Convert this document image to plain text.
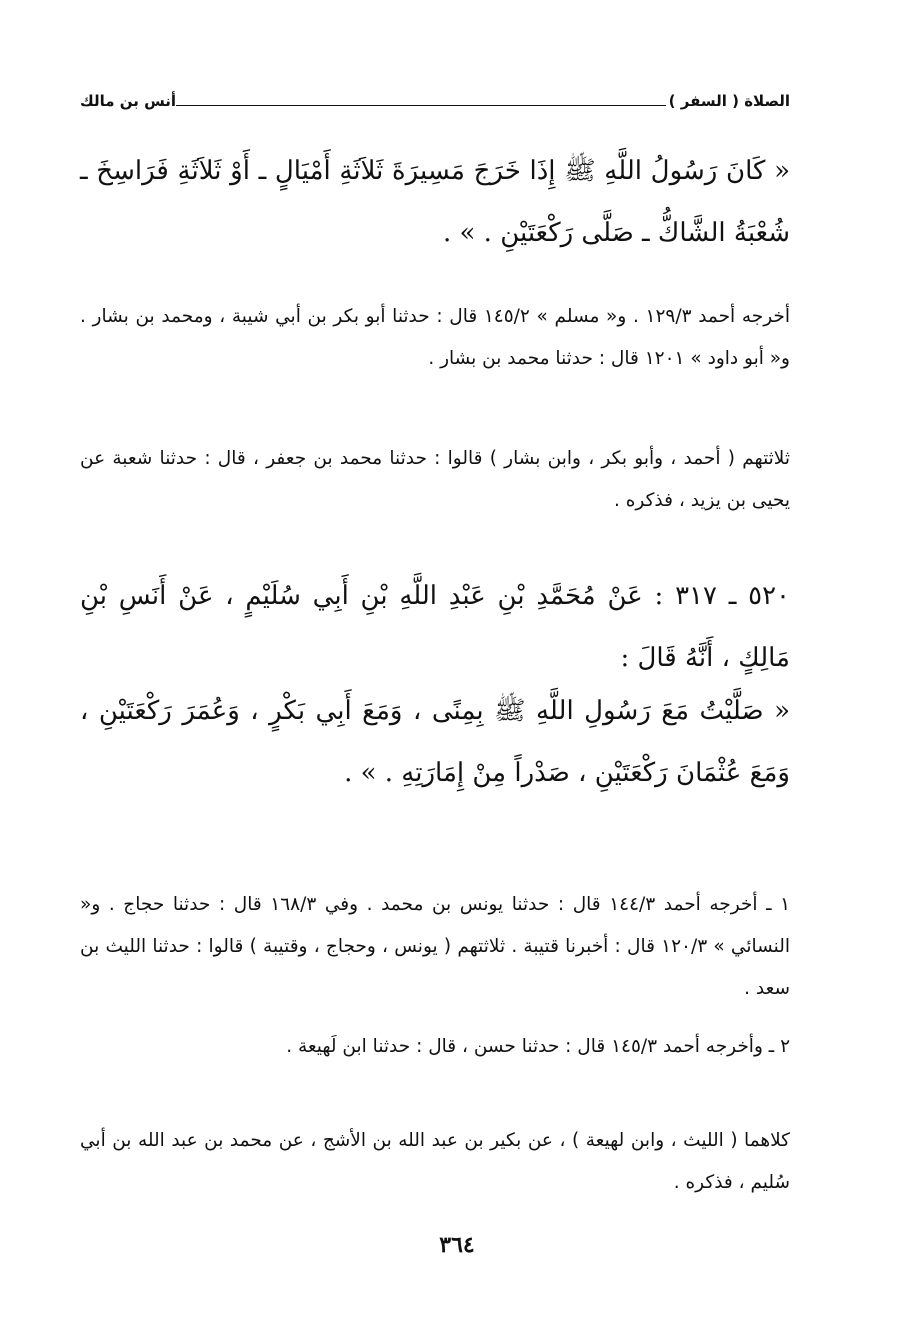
الصلاة ( السفر )
أنس بن مالك
« كَانَ رَسُولُ اللَّهِ ﷺ إِذَا خَرَجَ مَسِيرَةَ ثَلاَثَةِ أَمْيَالٍ ـ أَوْ ثَلاَثَةِ فَرَاسِخَ ـ شُعْبَةُ الشَّاكُّ ـ صَلَّى رَكْعَتَيْنِ . » .
أخرجه أحمد ١٢٩/٣ . و« مسلم » ١٤٥/٢ قال : حدثنا أبو بكر بن أبي شيبة ، ومحمد بن بشار . و« أبو داود » ١٢٠١ قال : حدثنا محمد بن بشار .
ثلاثتهم ( أحمد ، وأبو بكر ، وابن بشار ) قالوا : حدثنا محمد بن جعفر ، قال : حدثنا شعبة عن يحيى بن يزيد ، فذكره .
٥٢٠ ـ ٣١٧ : عَنْ مُحَمَّدِ بْنِ عَبْدِ اللَّهِ بْنِ أَبِي سُلَيْمٍ ، عَنْ أَنَسِ بْنِ مَالِكٍ ، أَنَّهُ قَالَ :
« صَلَّيْتُ مَعَ رَسُولِ اللَّهِ ﷺ بِمِنًى ، وَمَعَ أَبِي بَكْرٍ ، وَعُمَرَ رَكْعَتَيْنِ ، وَمَعَ عُثْمَانَ رَكْعَتَيْنِ ، صَدْراً مِنْ إِمَارَتِهِ . » .
١ ـ أخرجه أحمد ١٤٤/٣ قال : حدثنا يونس بن محمد . وفي ١٦٨/٣ قال : حدثنا حجاج . و« النسائي » ١٢٠/٣ قال : أخبرنا قتيبة . ثلاثتهم ( يونس ، وحجاج ، وقتيبة ) قالوا : حدثنا الليث بن سعد .
٢ ـ وأخرجه أحمد ١٤٥/٣ قال : حدثنا حسن ، قال : حدثنا ابن لَهيعة .
كلاهما ( الليث ، وابن لهيعة ) ، عن بكير بن عبد الله بن الأشج ، عن محمد بن عبد الله بن أبي سُليم ، فذكره .
٣٦٤
